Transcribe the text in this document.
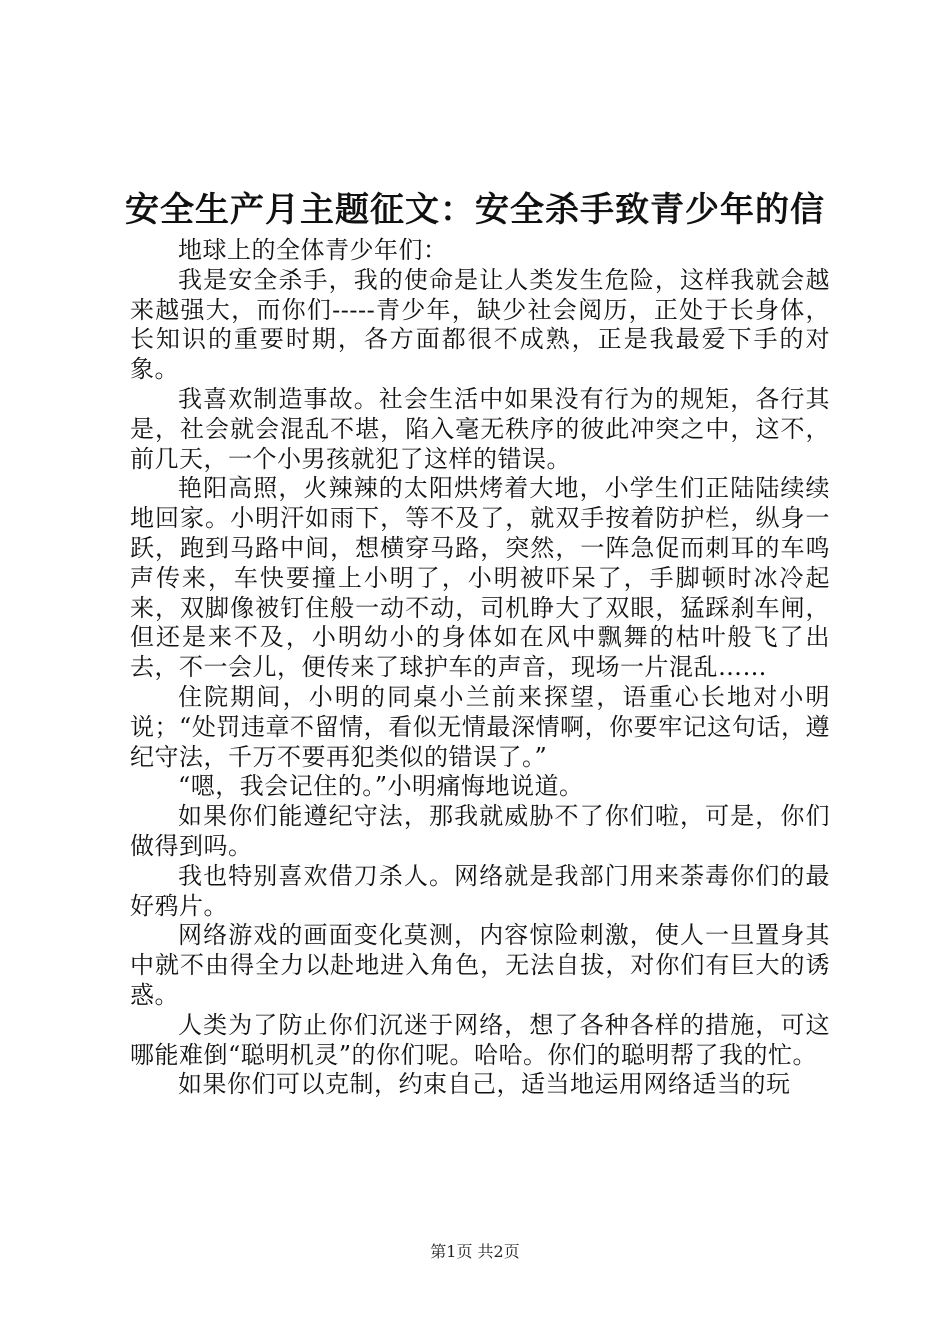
安全生产月主题征文：安全杀手致青少年的信

地球上的全体青少年们：

我是安全杀手，我的使命是让人类发生危险，这样我就会越来越强大，而你们-----青少年，缺少社会阅历，正处于长身体，长知识的重要时期，各方面都很不成熟，正是我最爱下手的对象。

我喜欢制造事故。社会生活中如果没有行为的规矩，各行其是，社会就会混乱不堪，陷入毫无秩序的彼此冲突之中，这不，前几天，一个小男孩就犯了这样的错误。

艳阳高照，火辣辣的太阳烘烤着大地，小学生们正陆陆续续地回家。小明汗如雨下，等不及了，就双手按着防护栏，纵身一跃，跑到马路中间，想横穿马路，突然，一阵急促而刺耳的车鸣声传来，车快要撞上小明了，小明被吓呆了，手脚顿时冰冷起来，双脚像被钉住般一动不动，司机睁大了双眼，猛踩刹车闸，但还是来不及，小明幼小的身体如在风中飘舞的枯叶般飞了出去，不一会儿，便传来了球护车的声音，现场一片混乱……

住院期间，小明的同桌小兰前来探望，语重心长地对小明说；“处罚违章不留情，看似无情最深情啊，你要牢记这句话，遵纪守法，千万不要再犯类似的错误了。”

“嗯，我会记住的。”小明痛悔地说道。

如果你们能遵纪守法，那我就威胁不了你们啦，可是，你们做得到吗。

我也特别喜欢借刀杀人。网络就是我部门用来荼毒你们的最好鸦片。

网络游戏的画面变化莫测，内容惊险刺激，使人一旦置身其中就不由得全力以赴地进入角色，无法自拔，对你们有巨大的诱惑。

人类为了防止你们沉迷于网络，想了各种各样的措施，可这哪能难倒“聪明机灵”的你们呢。哈哈。你们的聪明帮了我的忙。

如果你们可以克制，约束自己，适当地运用网络适当的玩

第1页 共2页
